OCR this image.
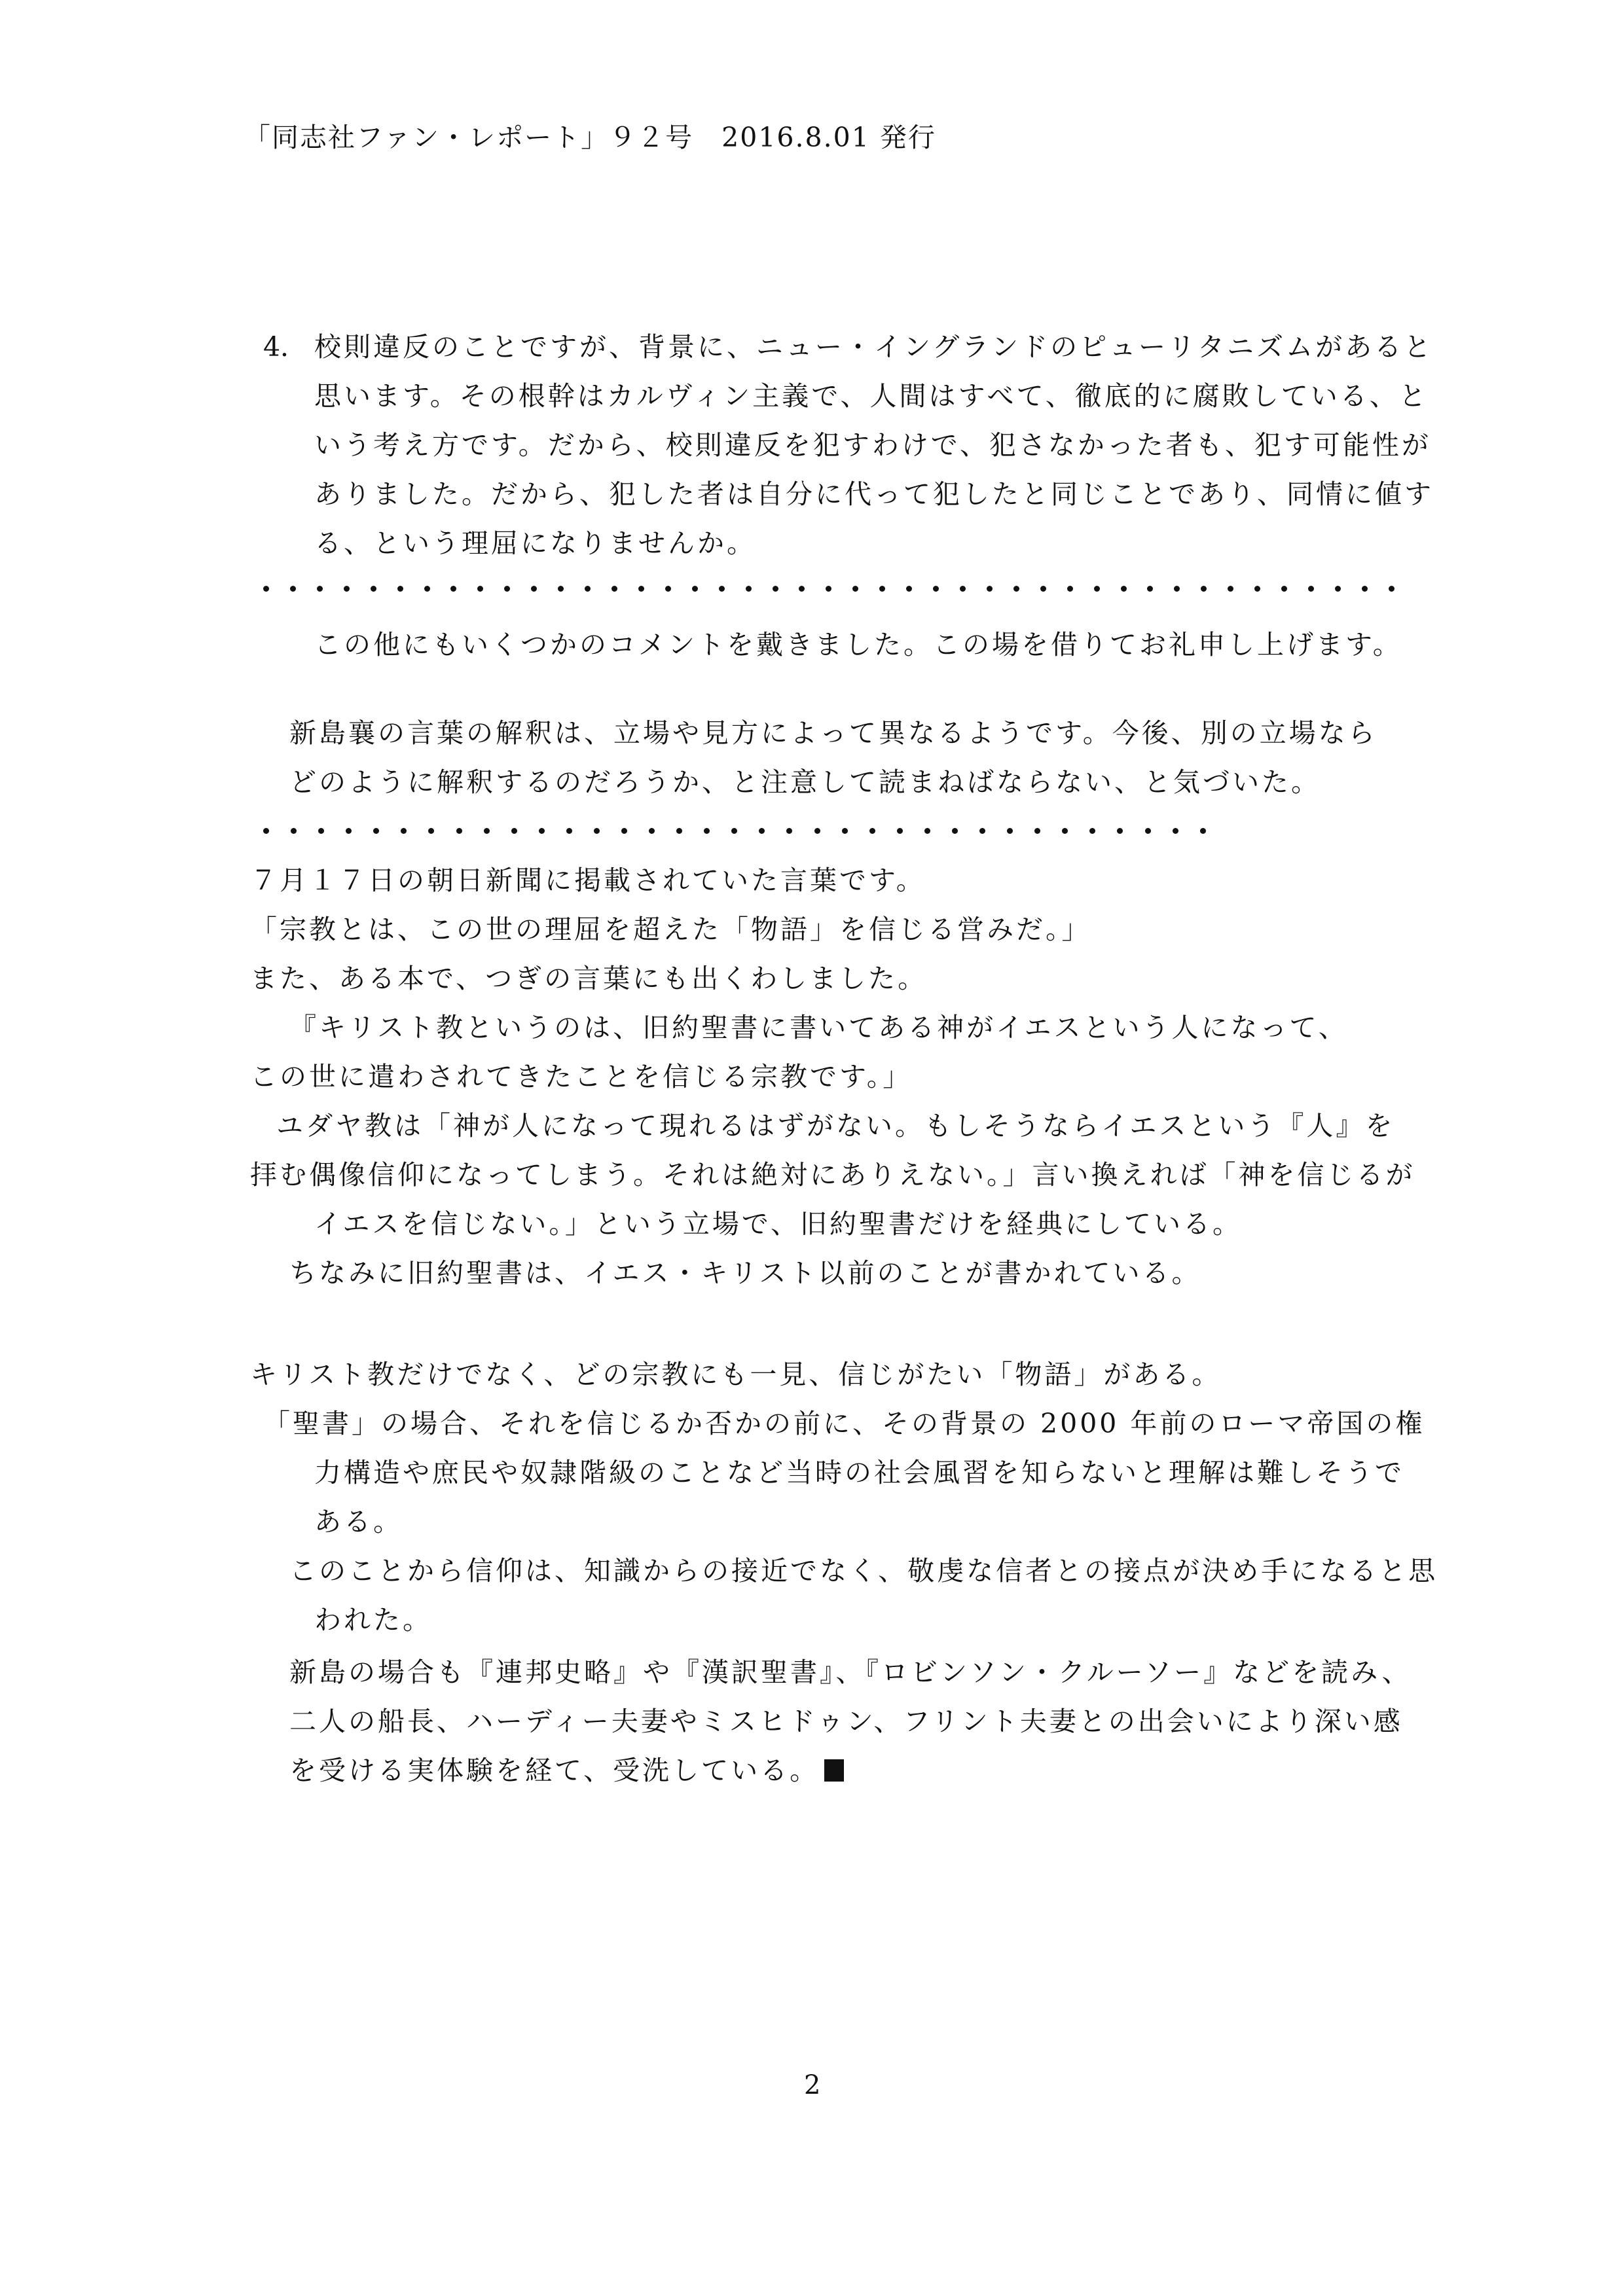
「同志社ファン・レポート」９２号　2016.8.01 発行
4． 校則違反のことですが、背景に、ニュー・イングランドのピューリタニズムがあると
思います。その根幹はカルヴィン主義で、人間はすべて、徹底的に腐敗している、と
いう考え方です。だから、校則違反を犯すわけで、犯さなかった者も、犯す可能性が
ありました。だから、犯した者は自分に代って犯したと同じことであり、同情に値す
る、という理屈になりませんか。
この他にもいくつかのコメントを戴きました。この場を借りてお礼申し上げます。
新島襄の言葉の解釈は、立場や見方によって異なるようです。今後、別の立場なら
どのように解釈するのだろうか、と注意して読まねばならない、と気づいた。
７月１７日の朝日新聞に掲載されていた言葉です。
「宗教とは、この世の理屈を超えた「物語」を信じる営みだ。」
また、ある本で、つぎの言葉にも出くわしました。
『キリスト教というのは、旧約聖書に書いてある神がイエスという人になって、
この世に遣わされてきたことを信じる宗教です。」
ユダヤ教は「神が人になって現れるはずがない。もしそうならイエスという『人』を
拝む偶像信仰になってしまう。それは絶対にありえない。」言い換えれば「神を信じるが
イエスを信じない。」という立場で、旧約聖書だけを経典にしている。
ちなみに旧約聖書は、イエス・キリスト以前のことが書かれている。
キリスト教だけでなく、どの宗教にも一見、信じがたい「物語」がある。
「聖書」の場合、それを信じるか否かの前に、その背景の 2000 年前のローマ帝国の権
力構造や庶民や奴隷階級のことなど当時の社会風習を知らないと理解は難しそうで
ある。
このことから信仰は、知識からの接近でなく、敬虔な信者との接点が決め手になると思
われた。
新島の場合も『連邦史略』や『漢訳聖書』、『ロビンソン・クルーソー』などを読み、
二人の船長、ハーディー夫妻やミスヒドゥン、フリント夫妻との出会いにより深い感
を受ける実体験を経て、受洗している。
2
